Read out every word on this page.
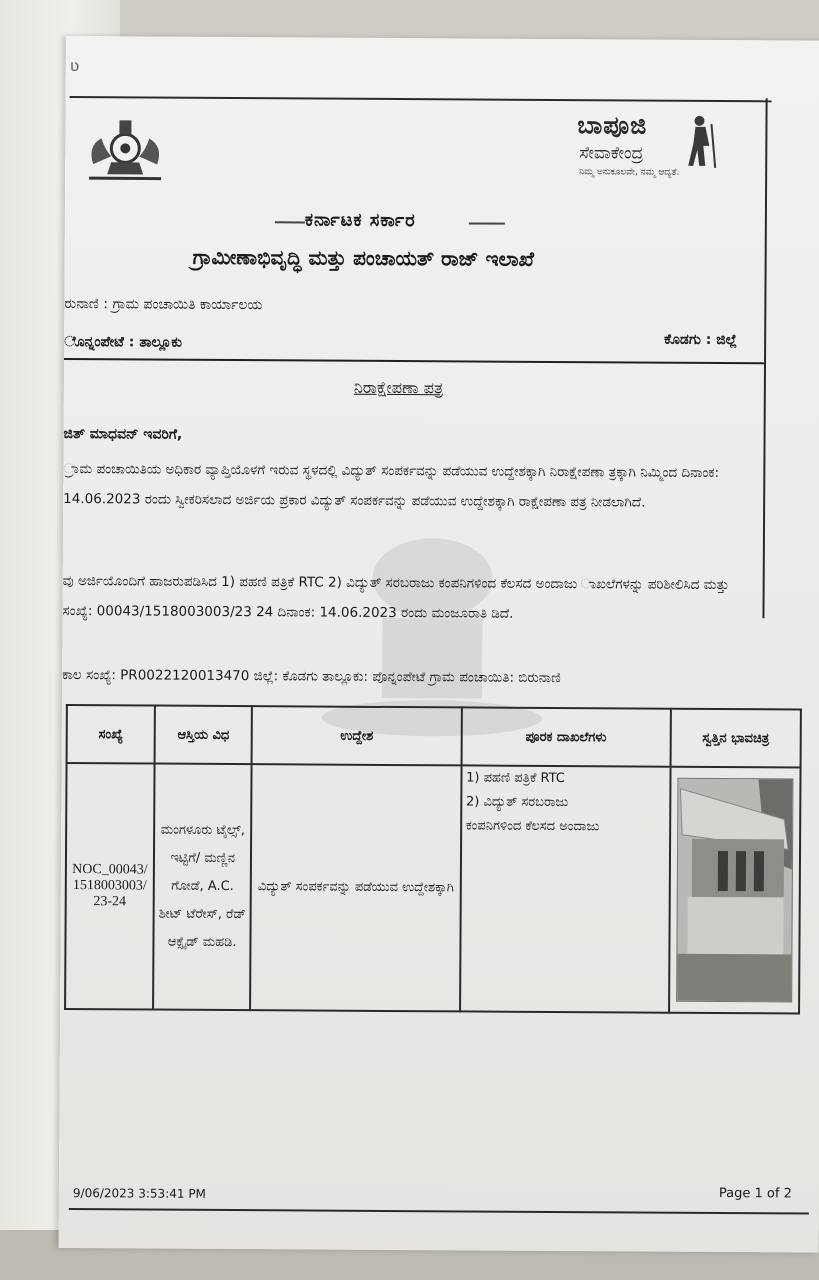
ʋ
ಬಾಪೂಜಿ
ಸೇವಾಕೇಂದ್ರ
ನಿಮ್ಮ ಅನುಕೂಲವೇ, ನಮ್ಮ ಆದ್ಯತೆ.
ಕರ್ನಾಟಕ ಸರ್ಕಾರ
ಗ್ರಾಮೀಣಾಭಿವೃದ್ಧಿ ಮತ್ತು ಪಂಚಾಯತ್ ರಾಜ್ ಇಲಾಖೆ
ರುನಾಣಿ : ಗ್ರಾಮ ಪಂಚಾಯಿತಿ ಕಾರ್ಯಾಲಯ
ೊನ್ನಂಪೇಟೆ : ತಾಲ್ಲೂಕು	ಕೊಡಗು : ಜಿಲ್ಲೆ
ನಿರಾಕ್ಷೇಪಣಾ ಪತ್ರ
ಜಿತ್ ಮಾಧವನ್ ಇವರಿಗೆ,
್ರಾಮ ಪಂಚಾಯಿತಿಯ ಅಧಿಕಾರ ವ್ಯಾಪ್ತಿಯೊಳಗೆ ಇರುವ ಸ್ಥಳದಲ್ಲಿ ವಿದ್ಯುತ್ ಸಂಪರ್ಕವನ್ನು ಪಡೆಯುವ ಉದ್ದೇಶಕ್ಕಾಗಿ ನಿರಾಕ್ಷೇಪಣಾ ತ್ರಕ್ಕಾಗಿ ನಿಮ್ಮಿಂದ ದಿನಾಂಕ: 14.06.2023 ರಂದು ಸ್ವೀಕರಿಸಲಾದ ಅರ್ಜಿಯ ಪ್ರಕಾರ ವಿದ್ಯುತ್ ಸಂಪರ್ಕವನ್ನು ಪಡೆಯುವ ಉದ್ದೇಶಕ್ಕಾಗಿ ರಾಕ್ಷೇಪಣಾ ಪತ್ರ ನೀಡಲಾಗಿದೆ.
ವು ಅರ್ಜಿಯೊಂದಿಗೆ ಹಾಜರುಪಡಿಸಿದ 1) ಪಹಣಿ ಪತ್ರಿಕೆ RTC 2) ವಿದ್ಯುತ್ ಸರಬರಾಜು ಕಂಪನಿಗಳಿಂದ ಕೆಲಸದ ಅಂದಾಜು ಾಖಲೆಗಳನ್ನು ಪರಿಶೀಲಿಸಿದ ಮತ್ತು ಸಂಖ್ಯೆ: 00043/1518003003/23 24 ದಿನಾಂಕ: 14.06.2023 ರಂದು ಮಂಜೂರಾತಿ ಡಿದೆ.
ಕಾಲ ಸಂಖ್ಯೆ: PR0022120013470 ಜಿಲ್ಲೆ: ಕೊಡಗು ತಾಲ್ಲೂಕು: ಪೊನ್ನಂಪೇಟೆ ಗ್ರಾಮ ಪಂಚಾಯಿತಿ: ಬಿರುನಾಣಿ
ಸಂಖ್ಯೆ	ಆಸ್ತಿಯ ವಿಧ	ಉದ್ದೇಶ	ಪೂರಕ ದಾಖಲೆಗಳು	ಸ್ವತ್ತಿನ ಭಾವಚಿತ್ರ
NOC_00043/1518003003/23-24	ಮಂಗಳೂರು ಟೈಲ್ಸ್, ಇಟ್ಟಿಗೆ/ ಮಣ್ಣಿನ ಗೋಡೆ, A.C. ಶೀಟ್ ಟೆರೇಸ್, ರೆಡ್ ಆಕ್ಸೈಡ್ ಮಹಡಿ.	ವಿದ್ಯುತ್ ಸಂಪರ್ಕವನ್ನು ಪಡೆಯುವ ಉದ್ದೇಶಕ್ಕಾಗಿ	1) ಪಹಣಿ ಪತ್ರಿಕೆ RTC
2) ವಿದ್ಯುತ್ ಸರಬರಾಜು
ಕಂಪನಿಗಳಿಂದ ಕೆಲಸದ ಅಂದಾಜು

9/06/2023 3:53:41 PM	Page 1 of 2
